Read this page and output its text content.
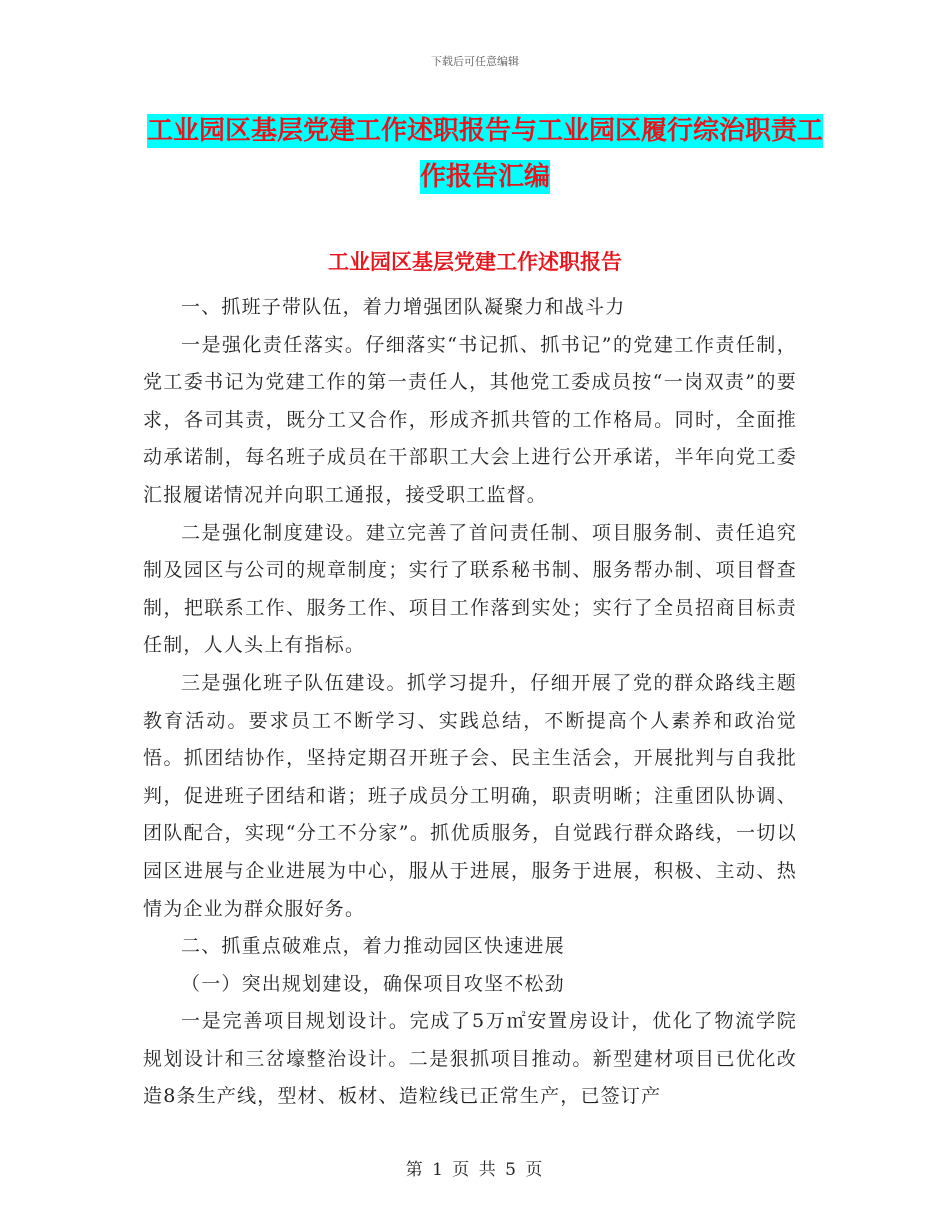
下载后可任意编辑
工业园区基层党建工作述职报告与工业园区履行综治职责工作报告汇编
工业园区基层党建工作述职报告

一、抓班子带队伍，着力增强团队凝聚力和战斗力

一是强化责任落实。仔细落实“书记抓、抓书记”的党建工作责任制，党工委书记为党建工作的第一责任人，其他党工委成员按“一岗双责”的要求，各司其责，既分工又合作，形成齐抓共管的工作格局。同时，全面推动承诺制，每名班子成员在干部职工大会上进行公开承诺，半年向党工委汇报履诺情况并向职工通报，接受职工监督。

二是强化制度建设。建立完善了首问责任制、项目服务制、责任追究制及园区与公司的规章制度；实行了联系秘书制、服务帮办制、项目督查制，把联系工作、服务工作、项目工作落到实处；实行了全员招商目标责任制，人人头上有指标。

三是强化班子队伍建设。抓学习提升，仔细开展了党的群众路线主题教育活动。要求员工不断学习、实践总结，不断提高个人素养和政治觉悟。抓团结协作，坚持定期召开班子会、民主生活会，开展批判与自我批判，促进班子团结和谐；班子成员分工明确，职责明晰；注重团队协调、团队配合，实现“分工不分家”。抓优质服务，自觉践行群众路线，一切以园区进展与企业进展为中心，服从于进展，服务于进展，积极、主动、热情为企业为群众服好务。

二、抓重点破难点，着力推动园区快速进展

（一）突出规划建设，确保项目攻坚不松劲

一是完善项目规划设计。完成了5万㎡安置房设计，优化了物流学院规划设计和三岔壕整治设计。二是狠抓项目推动。新型建材项目已优化改造8条生产线，型材、板材、造粒线已正常生产，已签订产

第 1 页 共 5 页
